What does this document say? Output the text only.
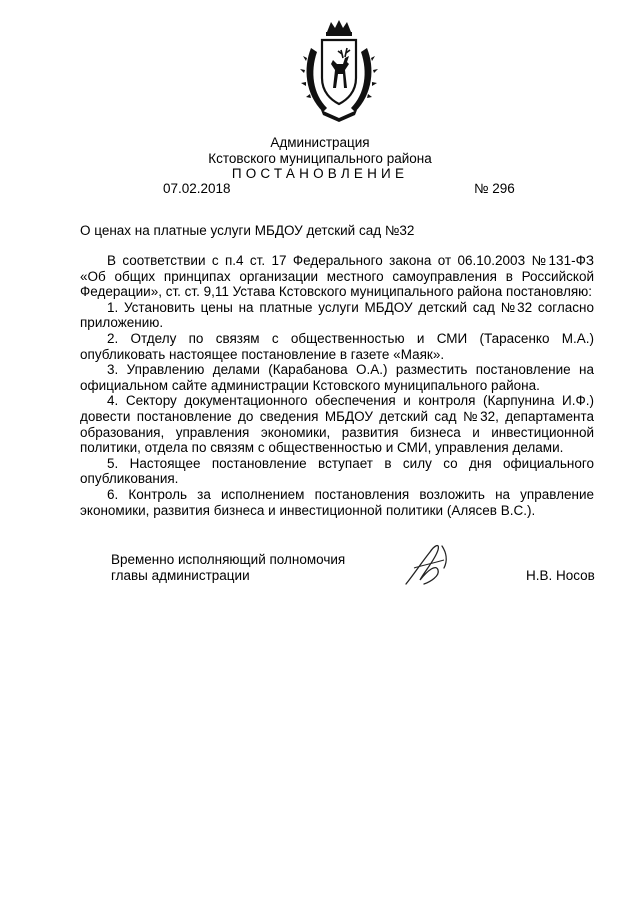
Администрация
Кстовского муниципального района
ПОСТАНОВЛЕНИЕ
07.02.2018	№ 296
О ценах на платные услуги МБДОУ детский сад №32

В соответствии с п.4 ст. 17 Федерального закона от 06.10.2003 №131-ФЗ «Об общих принципах организации местного самоуправления в Российской Федерации», ст. ст. 9,11 Устава Кстовского муниципального района постановляю:

1. Установить цены на платные услуги МБДОУ детский сад №32 согласно приложению.

2. Отделу по связям с общественностью и СМИ (Тарасенко М.А.) опубликовать настоящее постановление в газете «Маяк».

3. Управлению делами (Карабанова О.А.) разместить постановление на официальном сайте администрации Кстовского муниципального района.

4. Сектору документационного обеспечения и контроля (Карпунина И.Ф.) довести постановление до сведения МБДОУ детский сад №32, департамента образования, управления экономики, развития бизнеса и инвестиционной политики, отдела по связям с общественностью и СМИ, управления делами.

5. Настоящее постановление вступает в силу со дня официального опубликования.

6. Контроль за исполнением постановления возложить на управление экономики, развития бизнеса и инвестиционной политики (Алясев В.С.).

Временно исполняющий полномочия
главы администрации	Н.В. Носов
